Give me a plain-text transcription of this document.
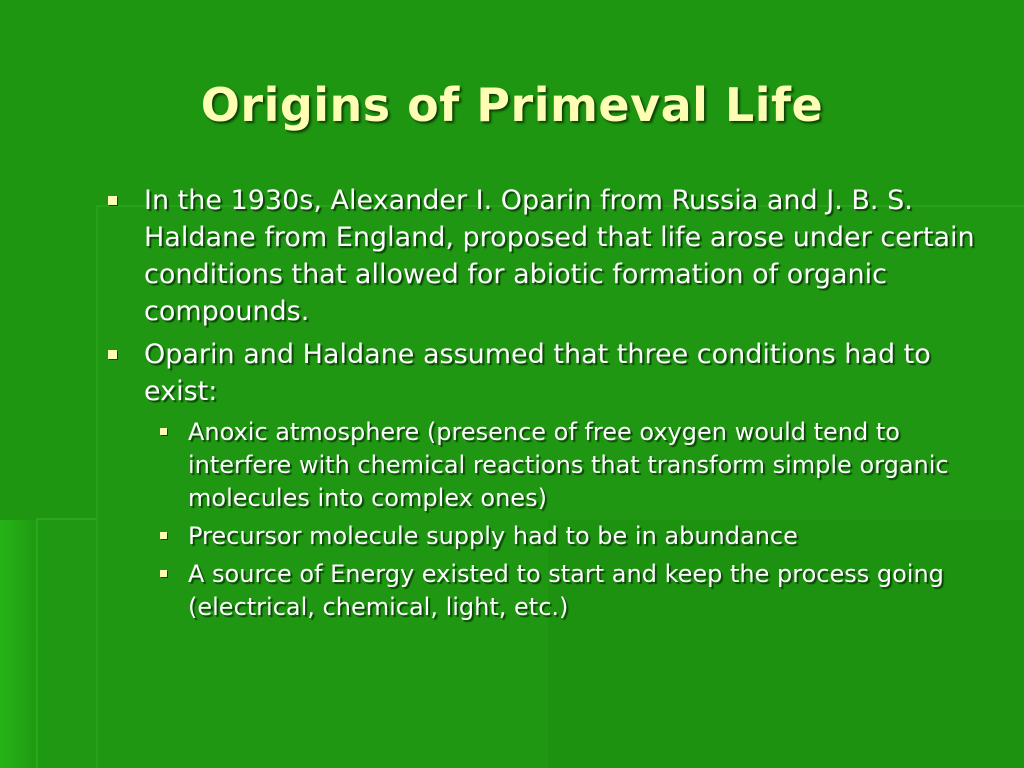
Origins of Primeval Life
In the 1930s, Alexander I. Oparin from Russia and J. B. S. Haldane from England, proposed that life arose under certain conditions that allowed for abiotic formation of organic compounds.
Oparin and Haldane assumed that three conditions had to exist:
Anoxic atmosphere (presence of free oxygen would tend to interfere with chemical reactions that transform simple organic molecules into complex ones)
Precursor molecule supply had to be in abundance
A source of Energy existed to start and keep the process going (electrical, chemical, light, etc.)
